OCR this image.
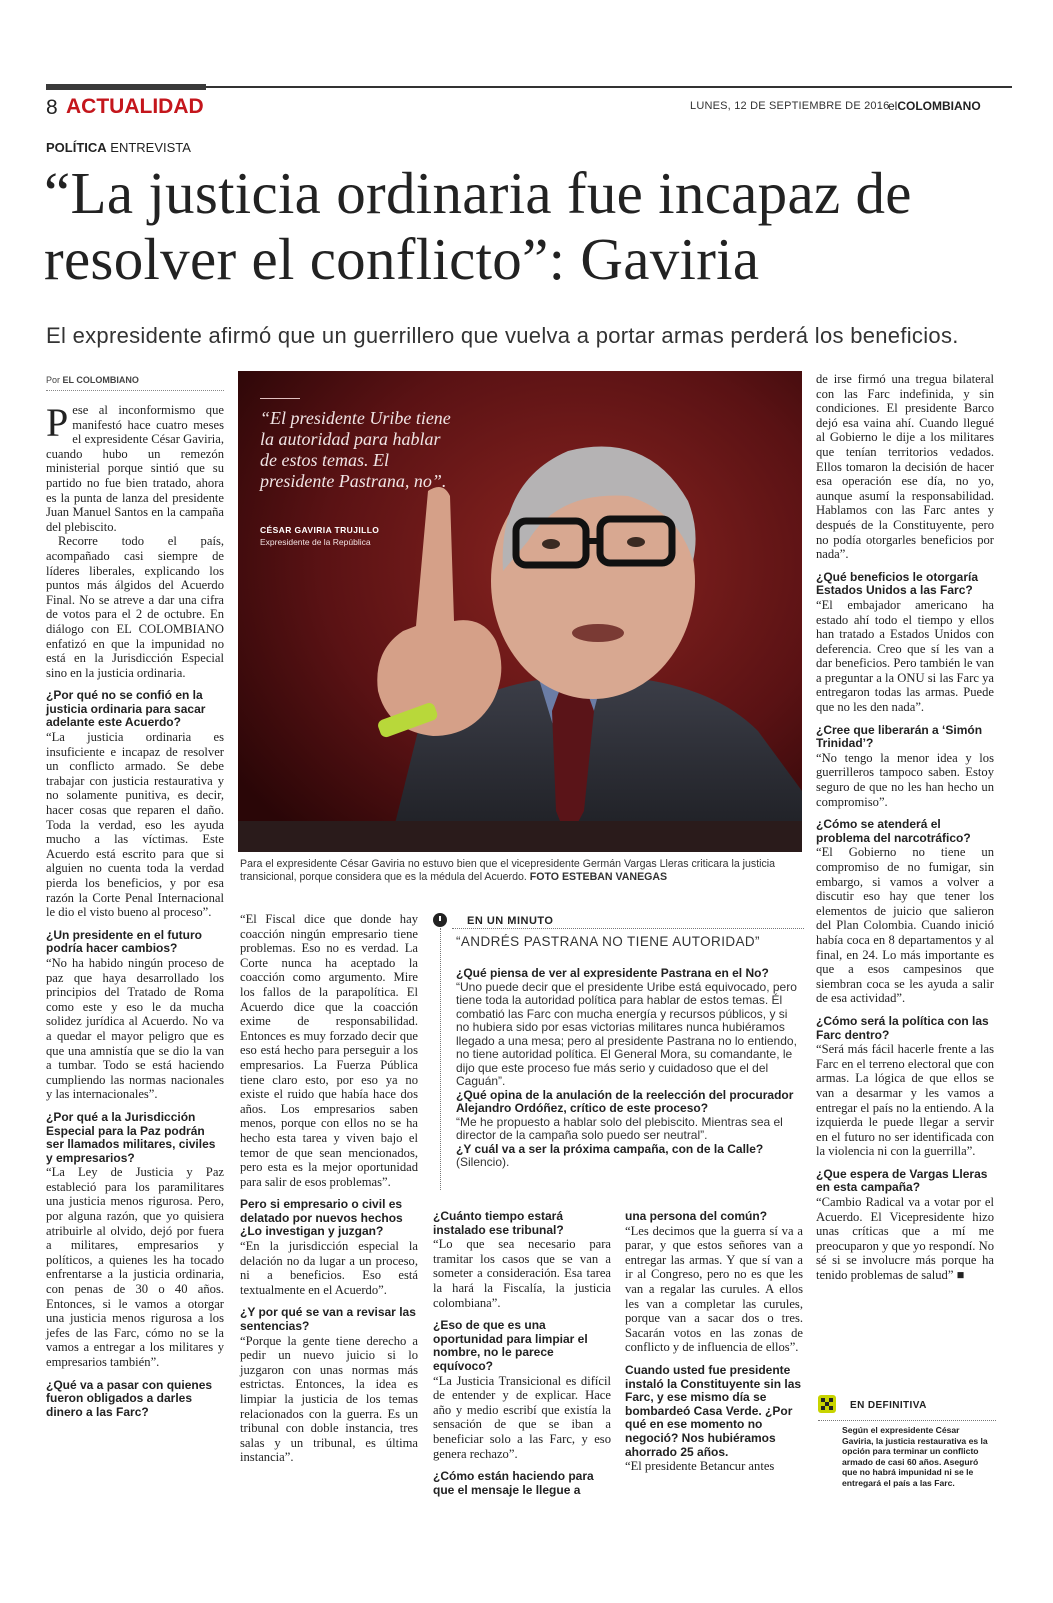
8 ACTUALIDAD	LUNES, 12 DE SEPTIEMBRE DE 2016
elCOLOMBIANO
POLÍTICA ENTREVISTA
“La justicia ordinaria fue incapaz de resolver el conflicto”: Gaviria
El expresidente afirmó que un guerrillero que vuelva a portar armas perderá los beneficios.
Por EL COLOMBIANO

Pese al inconformismo que manifestó hace cuatro meses el expresidente César Gaviria, cuando hubo un remezón ministerial porque sintió que su partido no fue bien tratado, ahora es la punta de lanza del presidente Juan Manuel Santos en la campaña del plebiscito.

Recorre todo el país, acompañado casi siempre de líderes liberales, explicando los puntos más álgidos del Acuerdo Final. No se atreve a dar una cifra de votos para el 2 de octubre. En diálogo con EL COLOMBIANO enfatizó en que la impunidad no está en la Jurisdicción Especial sino en la justicia ordinaria.

¿Por qué no se confió en la justicia ordinaria para sacar adelante este Acuerdo?

“La justicia ordinaria es insuficiente e incapaz de resolver un conflicto armado. Se debe trabajar con justicia restaurativa y no solamente punitiva, es decir, hacer cosas que reparen el daño. Toda la verdad, eso les ayuda mucho a las víctimas. Este Acuerdo está escrito para que si alguien no cuenta toda la verdad pierda los beneficios, y por esa razón la Corte Penal Internacional le dio el visto bueno al proceso”.

¿Un presidente en el futuro podría hacer cambios?

“No ha habido ningún proceso de paz que haya desarrollado los principios del Tratado de Roma como este y eso le da mucha solidez jurídica al Acuerdo. No va a quedar el mayor peligro que es que una amnistía que se dio la van a tumbar. Todo se está haciendo cumpliendo las normas nacionales y las internacionales”.

¿Por qué a la Jurisdicción Especial para la Paz podrán ser llamados militares, civiles y empresarios?

“La Ley de Justicia y Paz estableció para los paramilitares una justicia menos rigurosa. Pero, por alguna razón, que yo quisiera atribuirle al olvido, dejó por fuera a militares, empresarios y políticos, a quienes les ha tocado enfrentarse a la justicia ordinaria, con penas de 30 o 40 años. Entonces, si le vamos a otorgar una justicia menos rigurosa a los jefes de las Farc, cómo no se la vamos a entregar a los militares y empresarios también”.

¿Qué va a pasar con quienes fueron obligados a darles dinero a las Farc?

“El presidente Uribe tiene la autoridad para hablar de estos temas. El presidente Pastrana, no”.
CÉSAR GAVIRIA TRUJILLO
Expresidente de la República
Para el expresidente César Gaviria no estuvo bien que el vicepresidente Germán Vargas Lleras criticara la justicia transicional, porque considera que es la médula del Acuerdo. FOTO ESTEBAN VANEGAS

“El Fiscal dice que donde hay coacción ningún empresario tiene problemas. Eso no es verdad. La Corte nunca ha aceptado la coacción como argumento. Mire los fallos de la parapolítica. El Acuerdo dice que la coacción exime de responsabilidad. Entonces es muy forzado decir que eso está hecho para perseguir a los empresarios. La Fuerza Pública tiene claro esto, por eso ya no existe el ruido que había hace dos años. Los empresarios saben menos, porque con ellos no se ha hecho esta tarea y viven bajo el temor de que sean mencionados, pero esta es la mejor oportunidad para salir de esos problemas”.

Pero si empresario o civil es delatado por nuevos hechos ¿Lo investigan y juzgan?

“En la jurisdicción especial la delación no da lugar a un proceso, ni a beneficios. Eso está textualmente en el Acuerdo”.

¿Y por qué se van a revisar las sentencias?

“Porque la gente tiene derecho a pedir un nuevo juicio si lo juzgaron con unas normas más estrictas. Entonces, la idea es limpiar la justicia de los temas relacionados con la guerra. Es un tribunal con doble instancia, tres salas y un tribunal, es última instancia”.

EN UN MINUTO
“ANDRÉS PASTRANA NO TIENE AUTORIDAD”

¿Qué piensa de ver al expresidente Pastrana en el No?

“Uno puede decir que el presidente Uribe está equivocado, pero tiene toda la autoridad política para hablar de estos temas. Él combatió las Farc con mucha energía y recursos públicos, y si no hubiera sido por esas victorias militares nunca hubiéramos llegado a una mesa; pero al presidente Pastrana no lo entiendo, no tiene autoridad política. El General Mora, su comandante, le dijo que este proceso fue más serio y cuidadoso que el del Caguán”.

¿Qué opina de la anulación de la reelección del procurador Alejandro Ordóñez, crítico de este proceso?

“Me he propuesto a hablar solo del plebiscito. Mientras sea el director de la campaña solo puedo ser neutral”.

¿Y cuál va a ser la próxima campaña, con de la Calle?

(Silencio).

¿Cuánto tiempo estará instalado ese tribunal?

“Lo que sea necesario para tramitar los casos que se van a someter a consideración. Esa tarea la hará la Fiscalía, la justicia colombiana”.

¿Eso de que es una oportunidad para limpiar el nombre, no le parece equívoco?

“La Justicia Transicional es difícil de entender y de explicar. Hace año y medio escribí que existía la sensación de que se iban a beneficiar solo a las Farc, y eso genera rechazo”.

¿Cómo están haciendo para que el mensaje le llegue a

una persona del común?

“Les decimos que la guerra sí va a parar, y que estos señores van a entregar las armas. Y que sí van a ir al Congreso, pero no es que les van a regalar las curules. A ellos les van a completar las curules, porque van a sacar dos o tres. Sacarán votos en las zonas de conflicto y de influencia de ellos”.

Cuando usted fue presidente instaló la Constituyente sin las Farc, y ese mismo día se bombardeó Casa Verde. ¿Por qué en ese momento no negoció? Nos hubiéramos ahorrado 25 años.

“El presidente Betancur antes

de irse firmó una tregua bilateral con las Farc indefinida, y sin condiciones. El presidente Barco dejó esa vaina ahí. Cuando llegué al Gobierno le dije a los militares que tenían territorios vedados. Ellos tomaron la decisión de hacer esa operación ese día, no yo, aunque asumí la responsabilidad. Hablamos con las Farc antes y después de la Constituyente, pero no podía otorgarles beneficios por nada”.

¿Qué beneficios le otorgaría Estados Unidos a las Farc?

“El embajador americano ha estado ahí todo el tiempo y ellos han tratado a Estados Unidos con deferencia. Creo que sí les van a dar beneficios. Pero también le van a preguntar a la ONU si las Farc ya entregaron todas las armas. Puede que no les den nada”.

¿Cree que liberarán a ‘Simón Trinidad’?

“No tengo la menor idea y los guerrilleros tampoco saben. Estoy seguro de que no les han hecho un compromiso”.

¿Cómo se atenderá el problema del narcotráfico?

“El Gobierno no tiene un compromiso de no fumigar, sin embargo, si vamos a volver a discutir eso hay que tener los elementos de juicio que salieron del Plan Colombia. Cuando inició había coca en 8 departamentos y al final, en 24. Lo más importante es que a esos campesinos que siembran coca se les ayuda a salir de esa actividad”.

¿Cómo será la política con las Farc dentro?

“Será más fácil hacerle frente a las Farc en el terreno electoral que con armas. La lógica de que ellos se van a desarmar y les vamos a entregar el país no la entiendo. A la izquierda le puede llegar a servir en el futuro no ser identificada con la violencia ni con la guerrilla”.

¿Que espera de Vargas Lleras en esta campaña?

“Cambio Radical va a votar por el Acuerdo. El Vicepresidente hizo unas críticas que a mí me preocuparon y que yo respondí. No sé si se involucre más porque ha tenido problemas de salud” ■

EN DEFINITIVA
Según el expresidente César Gaviria, la justicia restaurativa es la opción para terminar un conflicto armado de casi 60 años. Aseguró que no habrá impunidad ni se le entregará el país a las Farc.
